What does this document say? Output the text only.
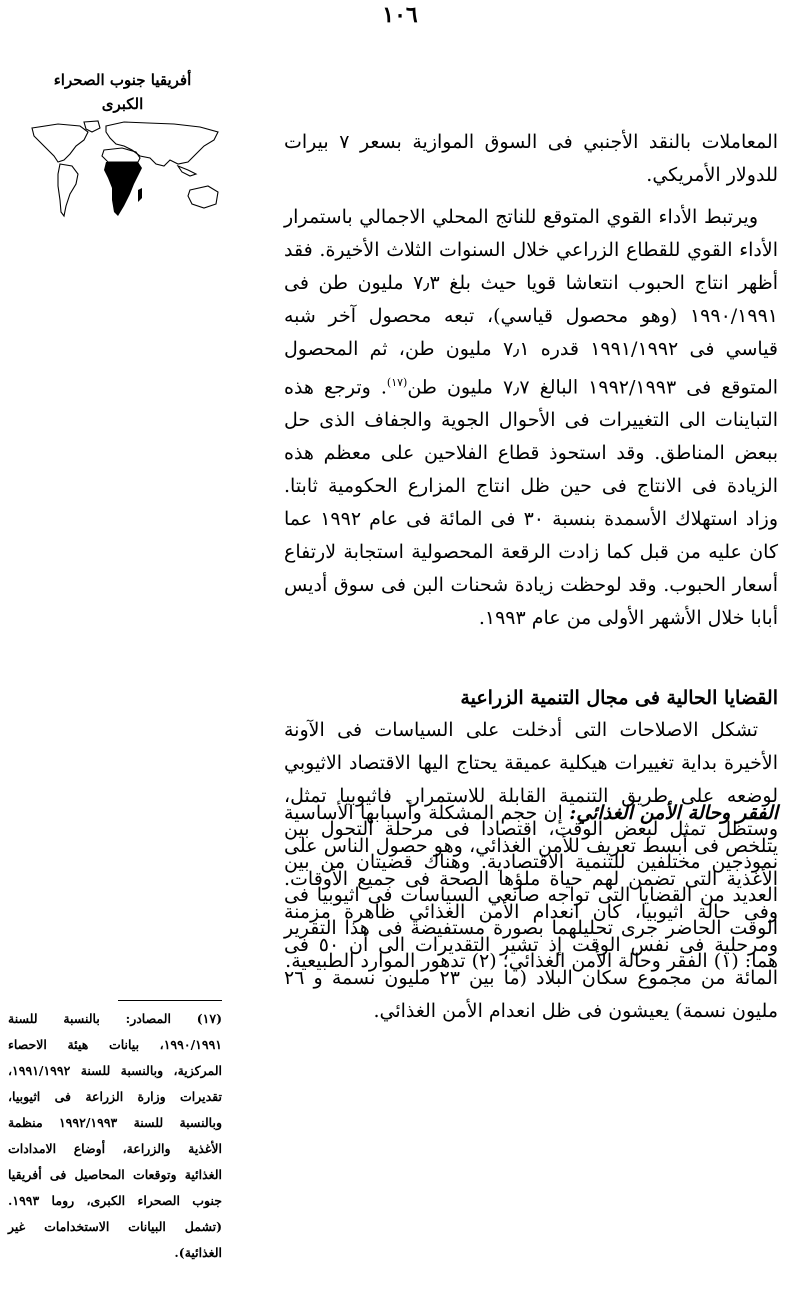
١٠٦
أفريقيا جنوب الصحراء
الكبرى

المعاملات بالنقد الأجنبي فى السوق الموازية بسعر ٧ بيرات للدولار الأمريكي.

ويرتبط الأداء القوي المتوقع للناتج المحلي الاجمالي باستمرار الأداء القوي للقطاع الزراعي خلال السنوات الثلاث الأخيرة. فقد أظهر انتاج الحبوب انتعاشا قويا حيث بلغ ٧٫٣ مليون طن فى ١٩٩٠/١٩٩١ (وهو محصول قياسي)، تبعه محصول آخر شبه قياسي فى ١٩٩١/١٩٩٢ قدره ٧٫١ مليون طن، ثم المحصول المتوقع فى ١٩٩٢/١٩٩٣ البالغ ٧٫٧ مليون طن$^{(١٧)}$. وترجع هذه التباينات الى التغييرات فى الأحوال الجوية والجفاف الذى حل ببعض المناطق. وقد استحوذ قطاع الفلاحين على معظم هذه الزيادة فى الانتاج فى حين ظل انتاج المزارع الحكومية ثابتا. وزاد استهلاك الأسمدة بنسبة ٣٠ فى المائة فى عام ١٩٩٢ عما كان عليه من قبل كما زادت الرقعة المحصولية استجابة لارتفاع أسعار الحبوب. وقد لوحظت زيادة شحنات البن فى سوق أديس أبابا خلال الأشهر الأولى من عام ١٩٩٣.

القضايا الحالية فى مجال التنمية الزراعية

تشكل الاصلاحات التى أدخلت على السياسات فى الآونة الأخيرة بداية تغييرات هيكلية عميقة يحتاج اليها الاقتصاد الاثيوبي لوضعه على طريق التنمية القابلة للاستمرار. فاثيوبيا تمثل، وستظل تمثل لبعض الوقت، اقتصادا فى مرحلة التحول بين نموذجين مختلفين للتنمية الاقتصادية. وهناك قضيتان من بين العديد من القضايا التى تواجه صانعي السياسات فى اثيوبيا فى الوقت الحاضر جرى تحليلهما بصورة مستفيضة فى هذا التقرير هما: (١) الفقر وحالة الأمن الغذائي؛ (٢) تدهور الموارد الطبيعية.

الفقر وحالة الأمن الغذائي: إن حجم المشكلة وأسبابها الأساسية يتلخص فى أبسط تعريف للأمن الغذائي، وهو حصول الناس على الأغذية التى تضمن لهم حياة ملؤها الصحة فى جميع الأوقات. وفى حالة اثيوبيا، كان انعدام الأمن الغذائي ظاهرة مزمنة ومرحلية فى نفس الوقت إذ تشير التقديرات الى أن ٥٠ فى المائة من مجموع سكان البلاد (ما بين ٢٣ مليون نسمة و ٢٦ مليون نسمة) يعيشون فى ظل انعدام الأمن الغذائي.

(١٧) المصادر: بالنسبة للسنة ١٩٩٠/١٩٩١، بيانات هيئة الاحصاء المركزية، وبالنسبة للسنة ١٩٩١/١٩٩٢، تقديرات وزارة الزراعة فى اثيوبيا، وبالنسبة للسنة ١٩٩٢/١٩٩٣ منظمة الأغذية والزراعة، أوضاع الامدادات الغذائية وتوقعات المحاصيل فى أفريقيا جنوب الصحراء الكبرى، روما ١٩٩٣. (تشمل البيانات الاستخدامات غير الغذائية).
